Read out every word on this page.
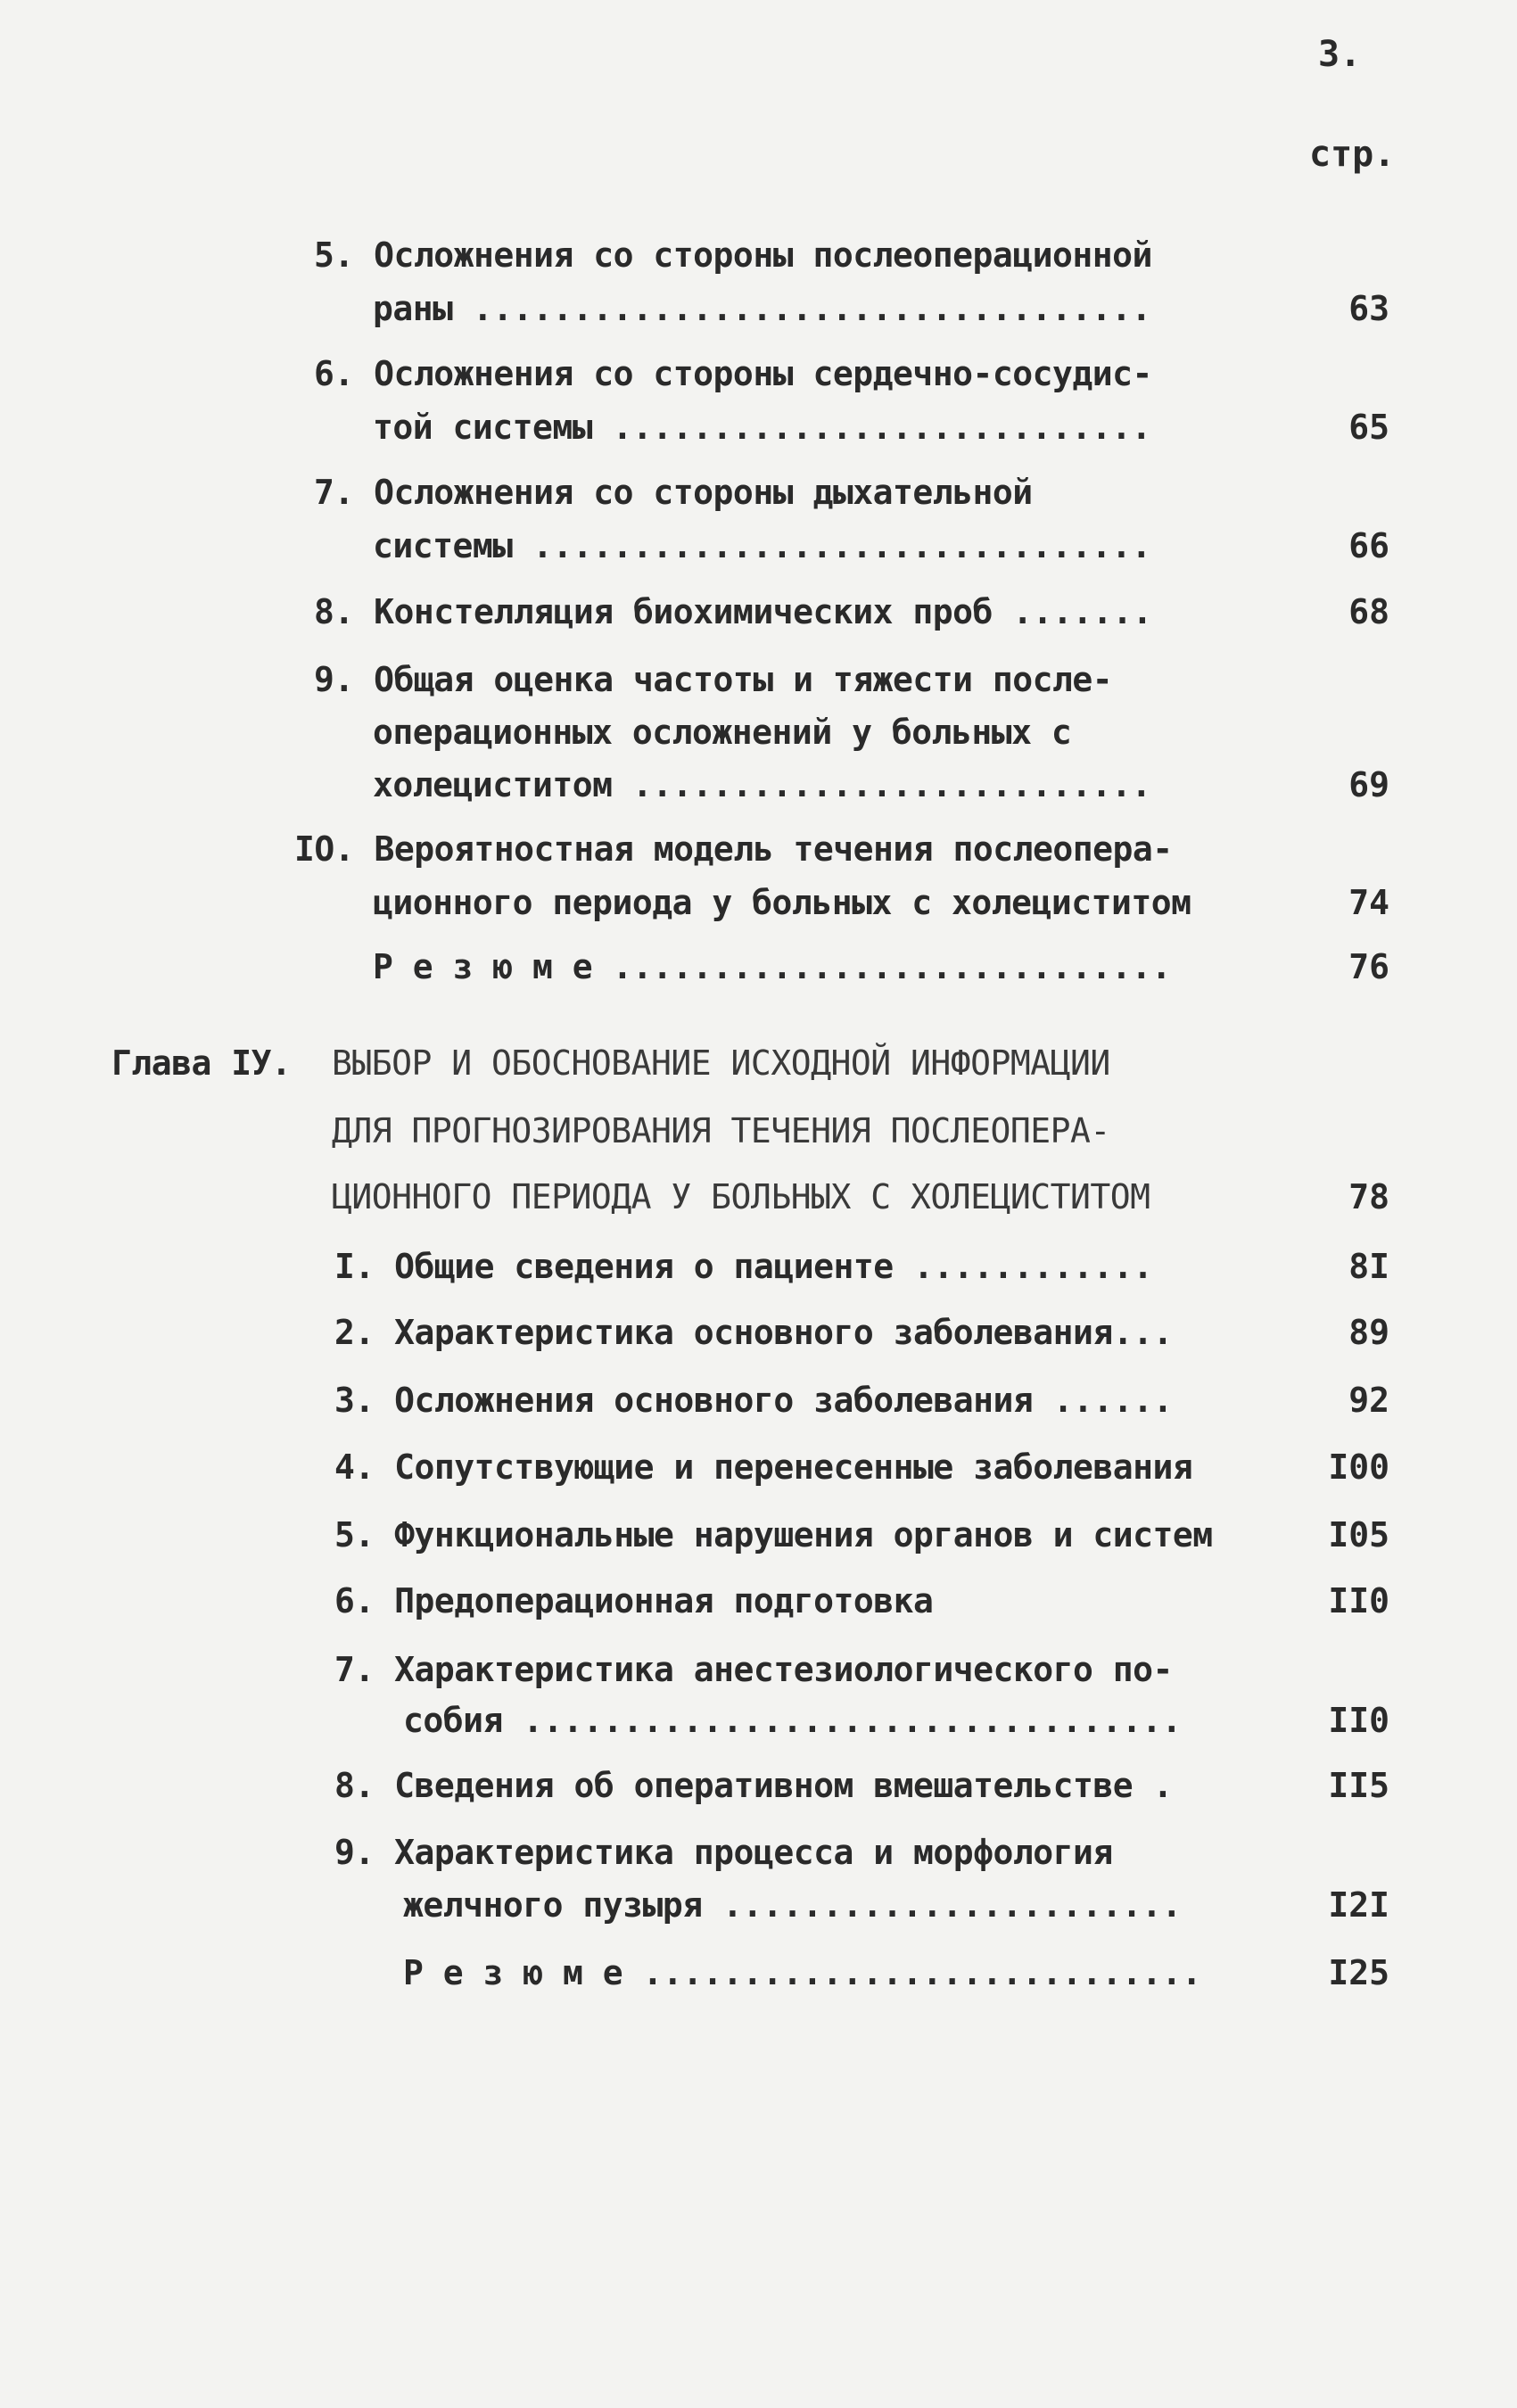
3.
стр.
5. Осложнения со стороны послеоперационной
раны ..................................	63
6. Осложнения со стороны сердечно-сосудис-
той системы ...........................	65
7. Осложнения со стороны дыхательной
системы ...............................	66
8. Констелляция биохимических проб .......	68
9. Общая оценка частоты и тяжести после-
операционных осложнений у больных с
холециститом ..........................	69
IO. Вероятностная модель течения послеопера-
ционного периода у больных с холециститом	74
Р е з ю м е ............................	76
Глава IУ. ВЫБОР И ОБОСНОВАНИЕ ИСХОДНОЙ ИНФОРМАЦИИ
ДЛЯ ПРОГНОЗИРОВАНИЯ ТЕЧЕНИЯ ПОСЛЕОПЕРА-
ЦИОННОГО ПЕРИОДА У БОЛЬНЫХ С ХОЛЕЦИСТИТОМ	78
I. Общие сведения о пациенте ............	8I
2. Характеристика основного заболевания...	89
3. Осложнения основного заболевания ......	92
4. Сопутствующие и перенесенные заболевания	I00
5. Функциональные нарушения органов и систем	I05
6. Предоперационная подготовка	II0
7. Характеристика анестезиологического по-
собия .................................	II0
8. Сведения об оперативном вмешательстве .	II5
9. Характеристика процесса и морфология
желчного пузыря .......................	I2I
Р е з ю м е ............................	I25
